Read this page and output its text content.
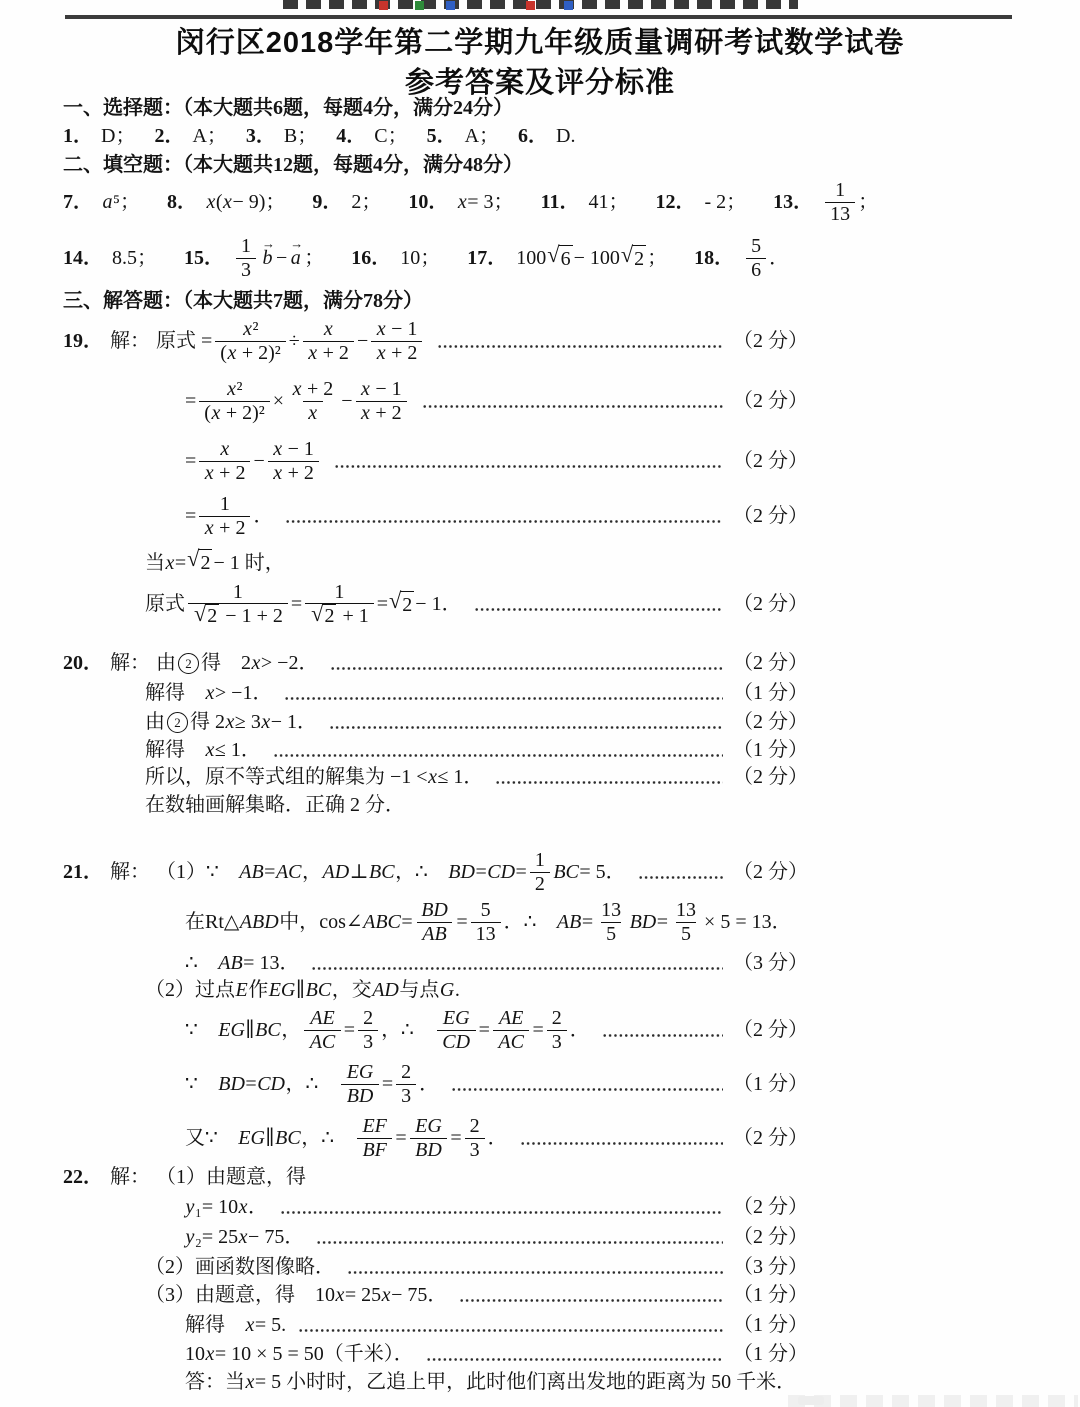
闵行区2018学年第二学期九年级质量调研考试数学试卷
参考答案及评分标准
一、选择题：（本大题共6题，每题4分，满分24分）
1． D； 2． A； 3． B； 4． C； 5． A； 6． D.
二、填空题：（本大题共12题，每题4分，满分48分）
7． a ⁵； 8． x ( x − 9)； 9． 2； 10． x = 3； 11． 41； 12． - 2； 13．
1
13
；
14． 8.5； 15．
1
3
→ b − → a ； 16． 10； 17． 100 √ 6 − 100 √ 2 ； 18．
5
6
．
三、解答题：（本大题共7题，满分78分）
19． 解： 原式 = $\frac{\text{x²}}{\text{(x + 2)²}} \div \frac{x}{x + 2} - \frac{x - 1}{x + 2}$	（2 分）
= $\frac{\text{x²}}{\text{(x + 2)²}} \times \frac{x + 2}{x} - \frac{x - 1}{x + 2}$	（2 分）
= $\frac{x}{x + 2} - \frac{x - 1}{x + 2}$	（2 分）
= $\frac{1}{x + 2}$ ．	（2 分）
当 x = √ 2 − 1 时，
原式 $\frac{1}{√ 2 - 1 + 2} = \frac{1}{√ 2 + 1}$ = √ 2 − 1．	（2 分）
20． 解： 由 2 得　2 x > −2．	（2 分）
解得　 x > −1．	（1 分）
由 2 得 2 x ≥ 3 x − 1．	（2 分）
解得　 x ≤ 1．	（1 分）
所以，原不等式组的解集为 −1 < x ≤ 1．	（2 分）
在数轴画解集略．正确 2 分．
21． 解： （1）∵　 AB = AC ， AD ⊥ BC ，∴　 BD = CD = $\frac{1}{2}$ BC = 5．	（2 分）
在 Rt △ ABD 中， cos ∠ ABC = $\frac{BD}{AB} = \frac{5}{13}$ ．∴　 AB = $\frac{13}{5}$ BD = $\frac{13}{5} \times 5 = 13$．
∴　 AB = 13．	（3 分）
（2）过点 E 作 EG ∥ BC ，交 AD 与点 G .
∵　 EG ∥ BC ， $\frac{AE}{AC} = \frac{2}{3}$ ，∴　 $\frac{EG}{CD} = \frac{AE}{AC} = \frac{2}{3}$ ．	（2 分）
∵　 BD = CD ，∴　 $\frac{EG}{BD} = \frac{2}{3}$ ．	（1 分）
又∵　 EG ∥ BC ，∴　 $\frac{EF}{BF} = \frac{EG}{BD} = \frac{2}{3}$ ．	（2 分）
22． 解： （1）由题意，得
y ₁= 10 x ．	（2 分）
y ₂= 25 x − 75．	（2 分）
（2）画函数图像略．	（3 分）
（3）由题意，得　10 x = 25 x − 75．	（1 分）
解得　 x = 5.	（1 分）
10 x = 10 × 5 = 50（千米）．	（1 分）
答：当 x = 5 小时时，乙追上甲，此时他们离出发地的距离为 50 千米．
